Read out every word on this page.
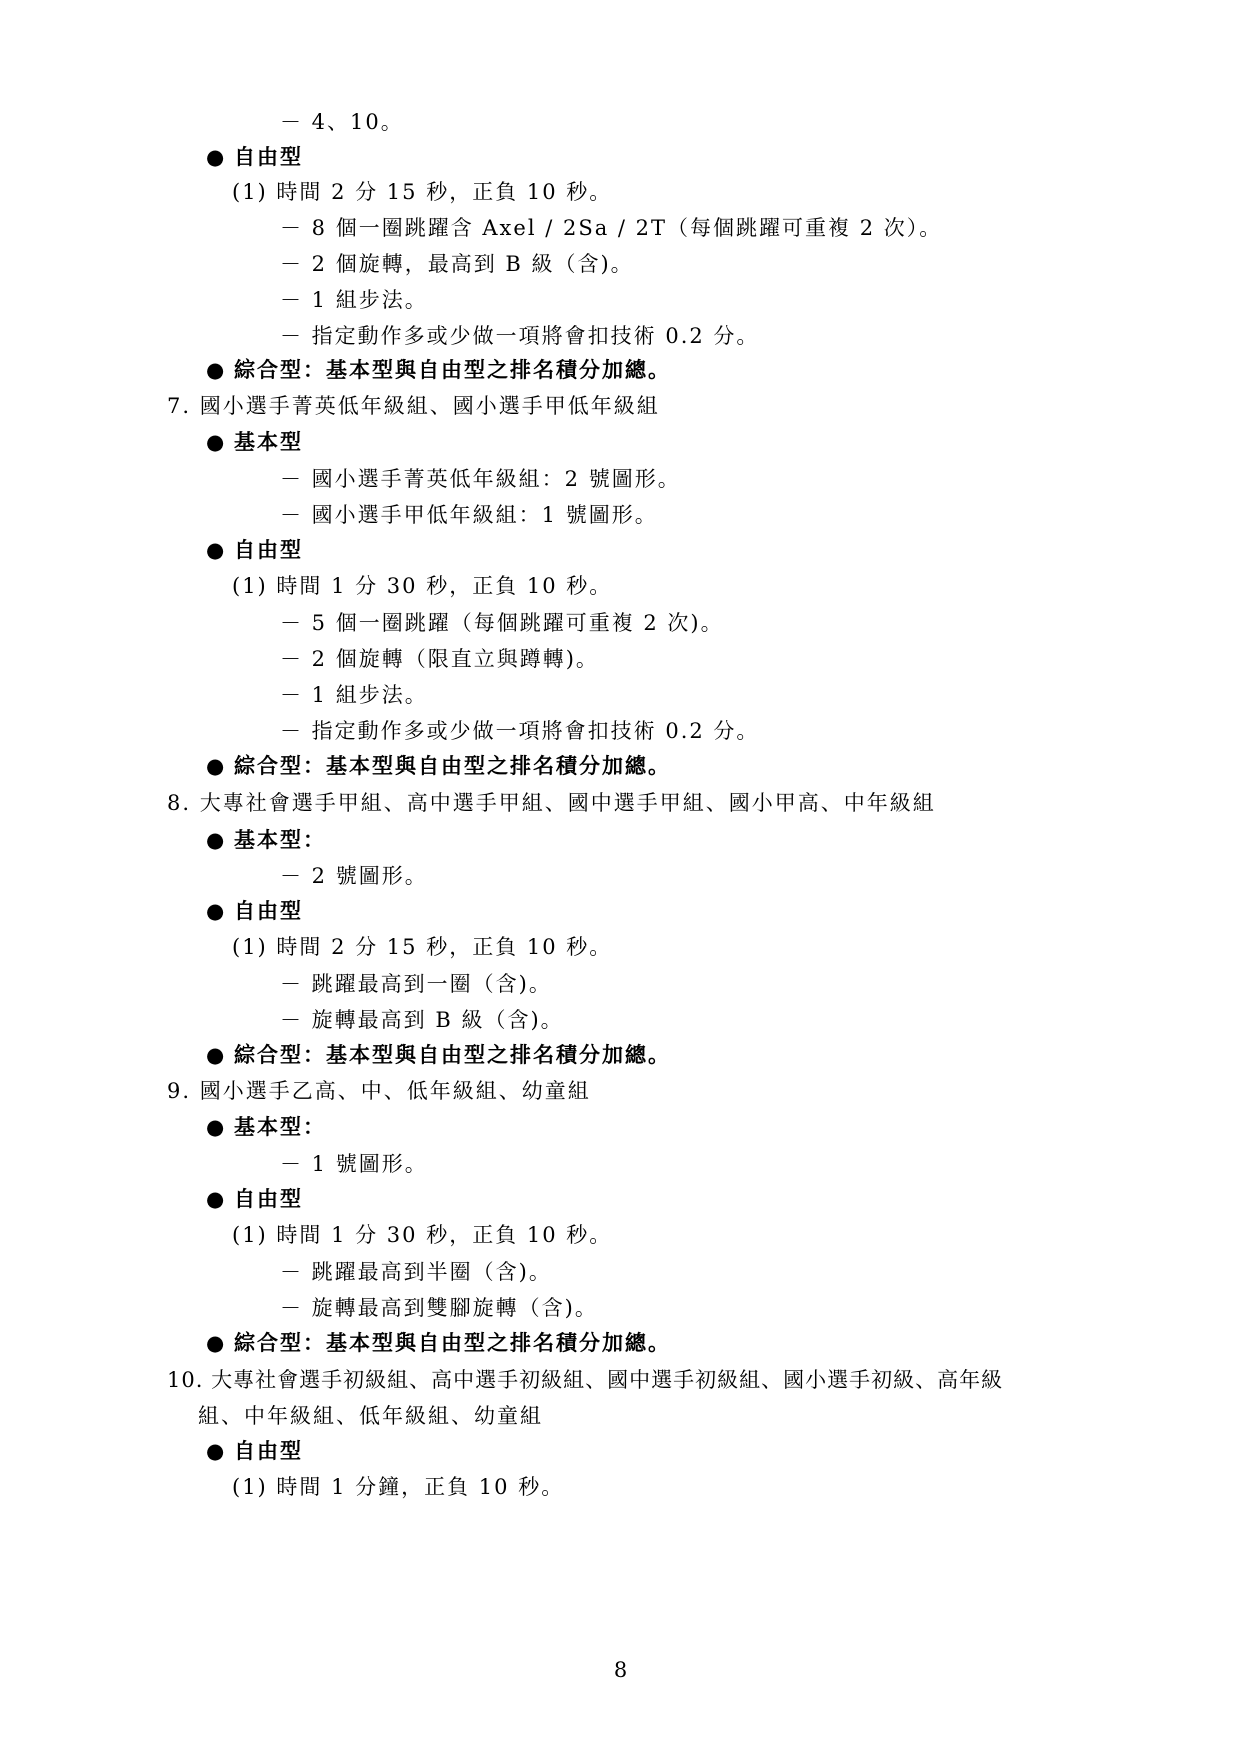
－ 4、10。
● 自由型
(1) 時間 2 分 15 秒，正負 10 秒。
－ 8 個一圈跳躍含 Axel / 2Sa / 2T（每個跳躍可重複 2 次）。
－ 2 個旋轉，最高到 B 級（含)。
－ 1 組步法。
－ 指定動作多或少做一項將會扣技術 0.2 分。
● 綜合型：基本型與自由型之排名積分加總。
7. 國小選手菁英低年級組、國小選手甲低年級組
● 基本型
－ 國小選手菁英低年級組：2 號圖形。
－ 國小選手甲低年級組：1 號圖形。
● 自由型
(1) 時間 1 分 30 秒，正負 10 秒。
－ 5 個一圈跳躍（每個跳躍可重複 2 次)。
－ 2 個旋轉（限直立與蹲轉)。
－ 1 組步法。
－ 指定動作多或少做一項將會扣技術 0.2 分。
● 綜合型：基本型與自由型之排名積分加總。
8. 大專社會選手甲組、高中選手甲組、國中選手甲組、國小甲高、中年級組
● 基本型：
－ 2 號圖形。
● 自由型
(1) 時間 2 分 15 秒，正負 10 秒。
－ 跳躍最高到一圈（含)。
－ 旋轉最高到 B 級（含)。
● 綜合型：基本型與自由型之排名積分加總。
9. 國小選手乙高、中、低年級組、幼童組
● 基本型：
－ 1 號圖形。
● 自由型
(1) 時間 1 分 30 秒，正負 10 秒。
－ 跳躍最高到半圈（含)。
－ 旋轉最高到雙腳旋轉（含)。
● 綜合型：基本型與自由型之排名積分加總。
10. 大專社會選手初級組、高中選手初級組、國中選手初級組、國小選手初級、高年級
組、中年級組、低年級組、幼童組
● 自由型
(1) 時間 1 分鐘，正負 10 秒。
8
